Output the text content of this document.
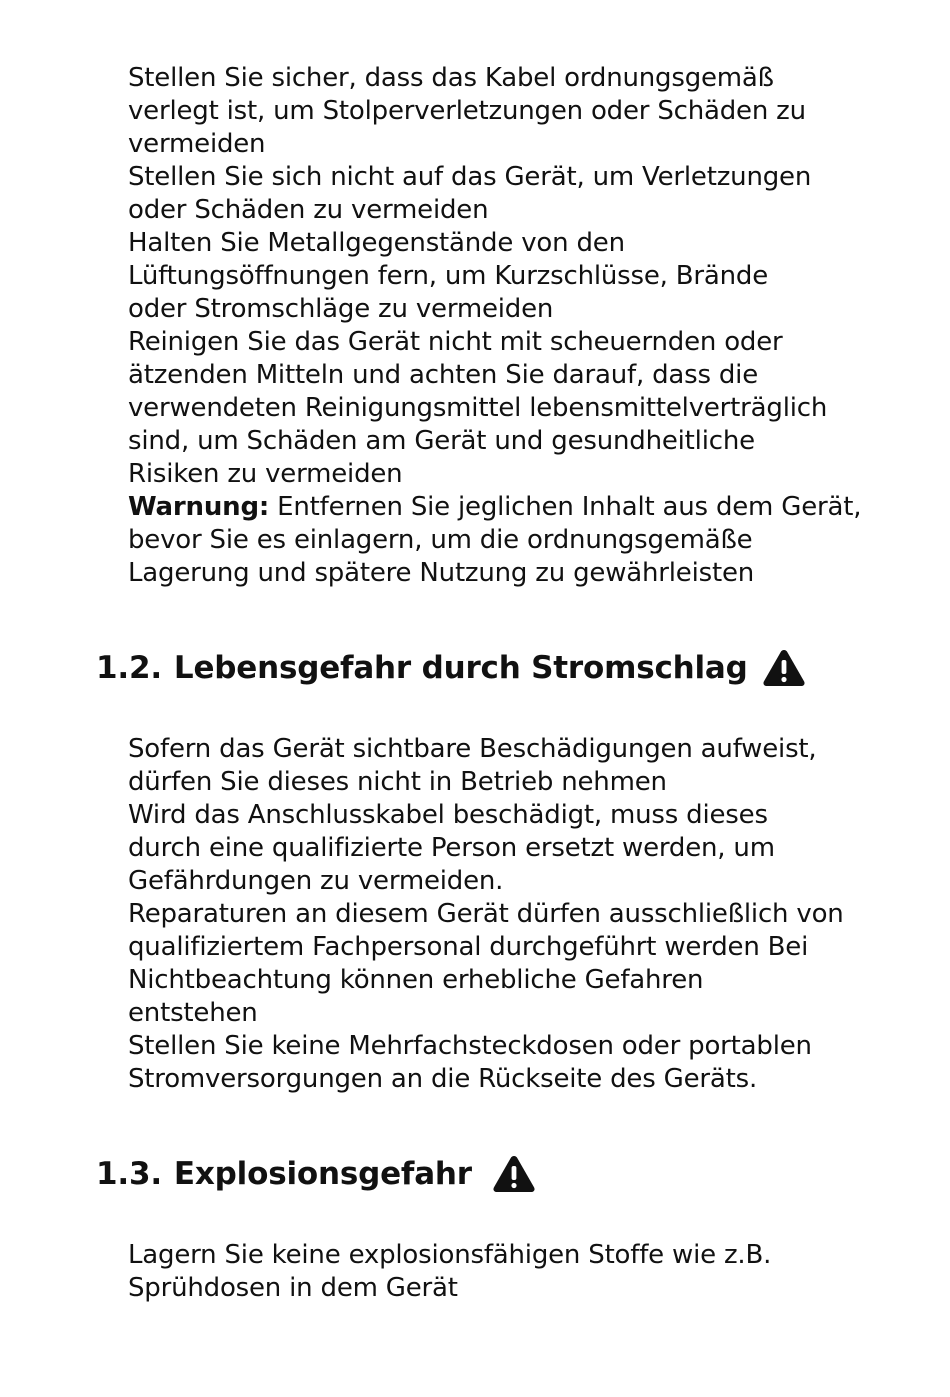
Stellen Sie sicher, dass das Kabel ordnungsgemäß
verlegt ist, um Stolperverletzungen oder Schäden zu
vermeiden
Stellen Sie sich nicht auf das Gerät, um Verletzungen
oder Schäden zu vermeiden
Halten Sie Metallgegenstände von den
Lüftungsöffnungen fern, um Kurzschlüsse, Brände
oder Stromschläge zu vermeiden
Reinigen Sie das Gerät nicht mit scheuernden oder
ätzenden Mitteln und achten Sie darauf, dass die
verwendeten Reinigungsmittel lebensmittelverträglich
sind, um Schäden am Gerät und gesundheitliche
Risiken zu vermeiden
Warnung: Entfernen Sie jeglichen Inhalt aus dem Gerät,
bevor Sie es einlagern, um die ordnungsgemäße
Lagerung und spätere Nutzung zu gewährleisten
1.2. Lebensgefahr durch Stromschlag
Sofern das Gerät sichtbare Beschädigungen aufweist,
dürfen Sie dieses nicht in Betrieb nehmen
Wird das Anschlusskabel beschädigt, muss dieses
durch eine qualifizierte Person ersetzt werden, um
Gefährdungen zu vermeiden.
Reparaturen an diesem Gerät dürfen ausschließlich von
qualifiziertem Fachpersonal durchgeführt werden Bei
Nichtbeachtung können erhebliche Gefahren
entstehen
Stellen Sie keine Mehrfachsteckdosen oder portablen
Stromversorgungen an die Rückseite des Geräts.
1.3. Explosionsgefahr
Lagern Sie keine explosionsfähigen Stoffe wie z.B.
Sprühdosen in dem Gerät
